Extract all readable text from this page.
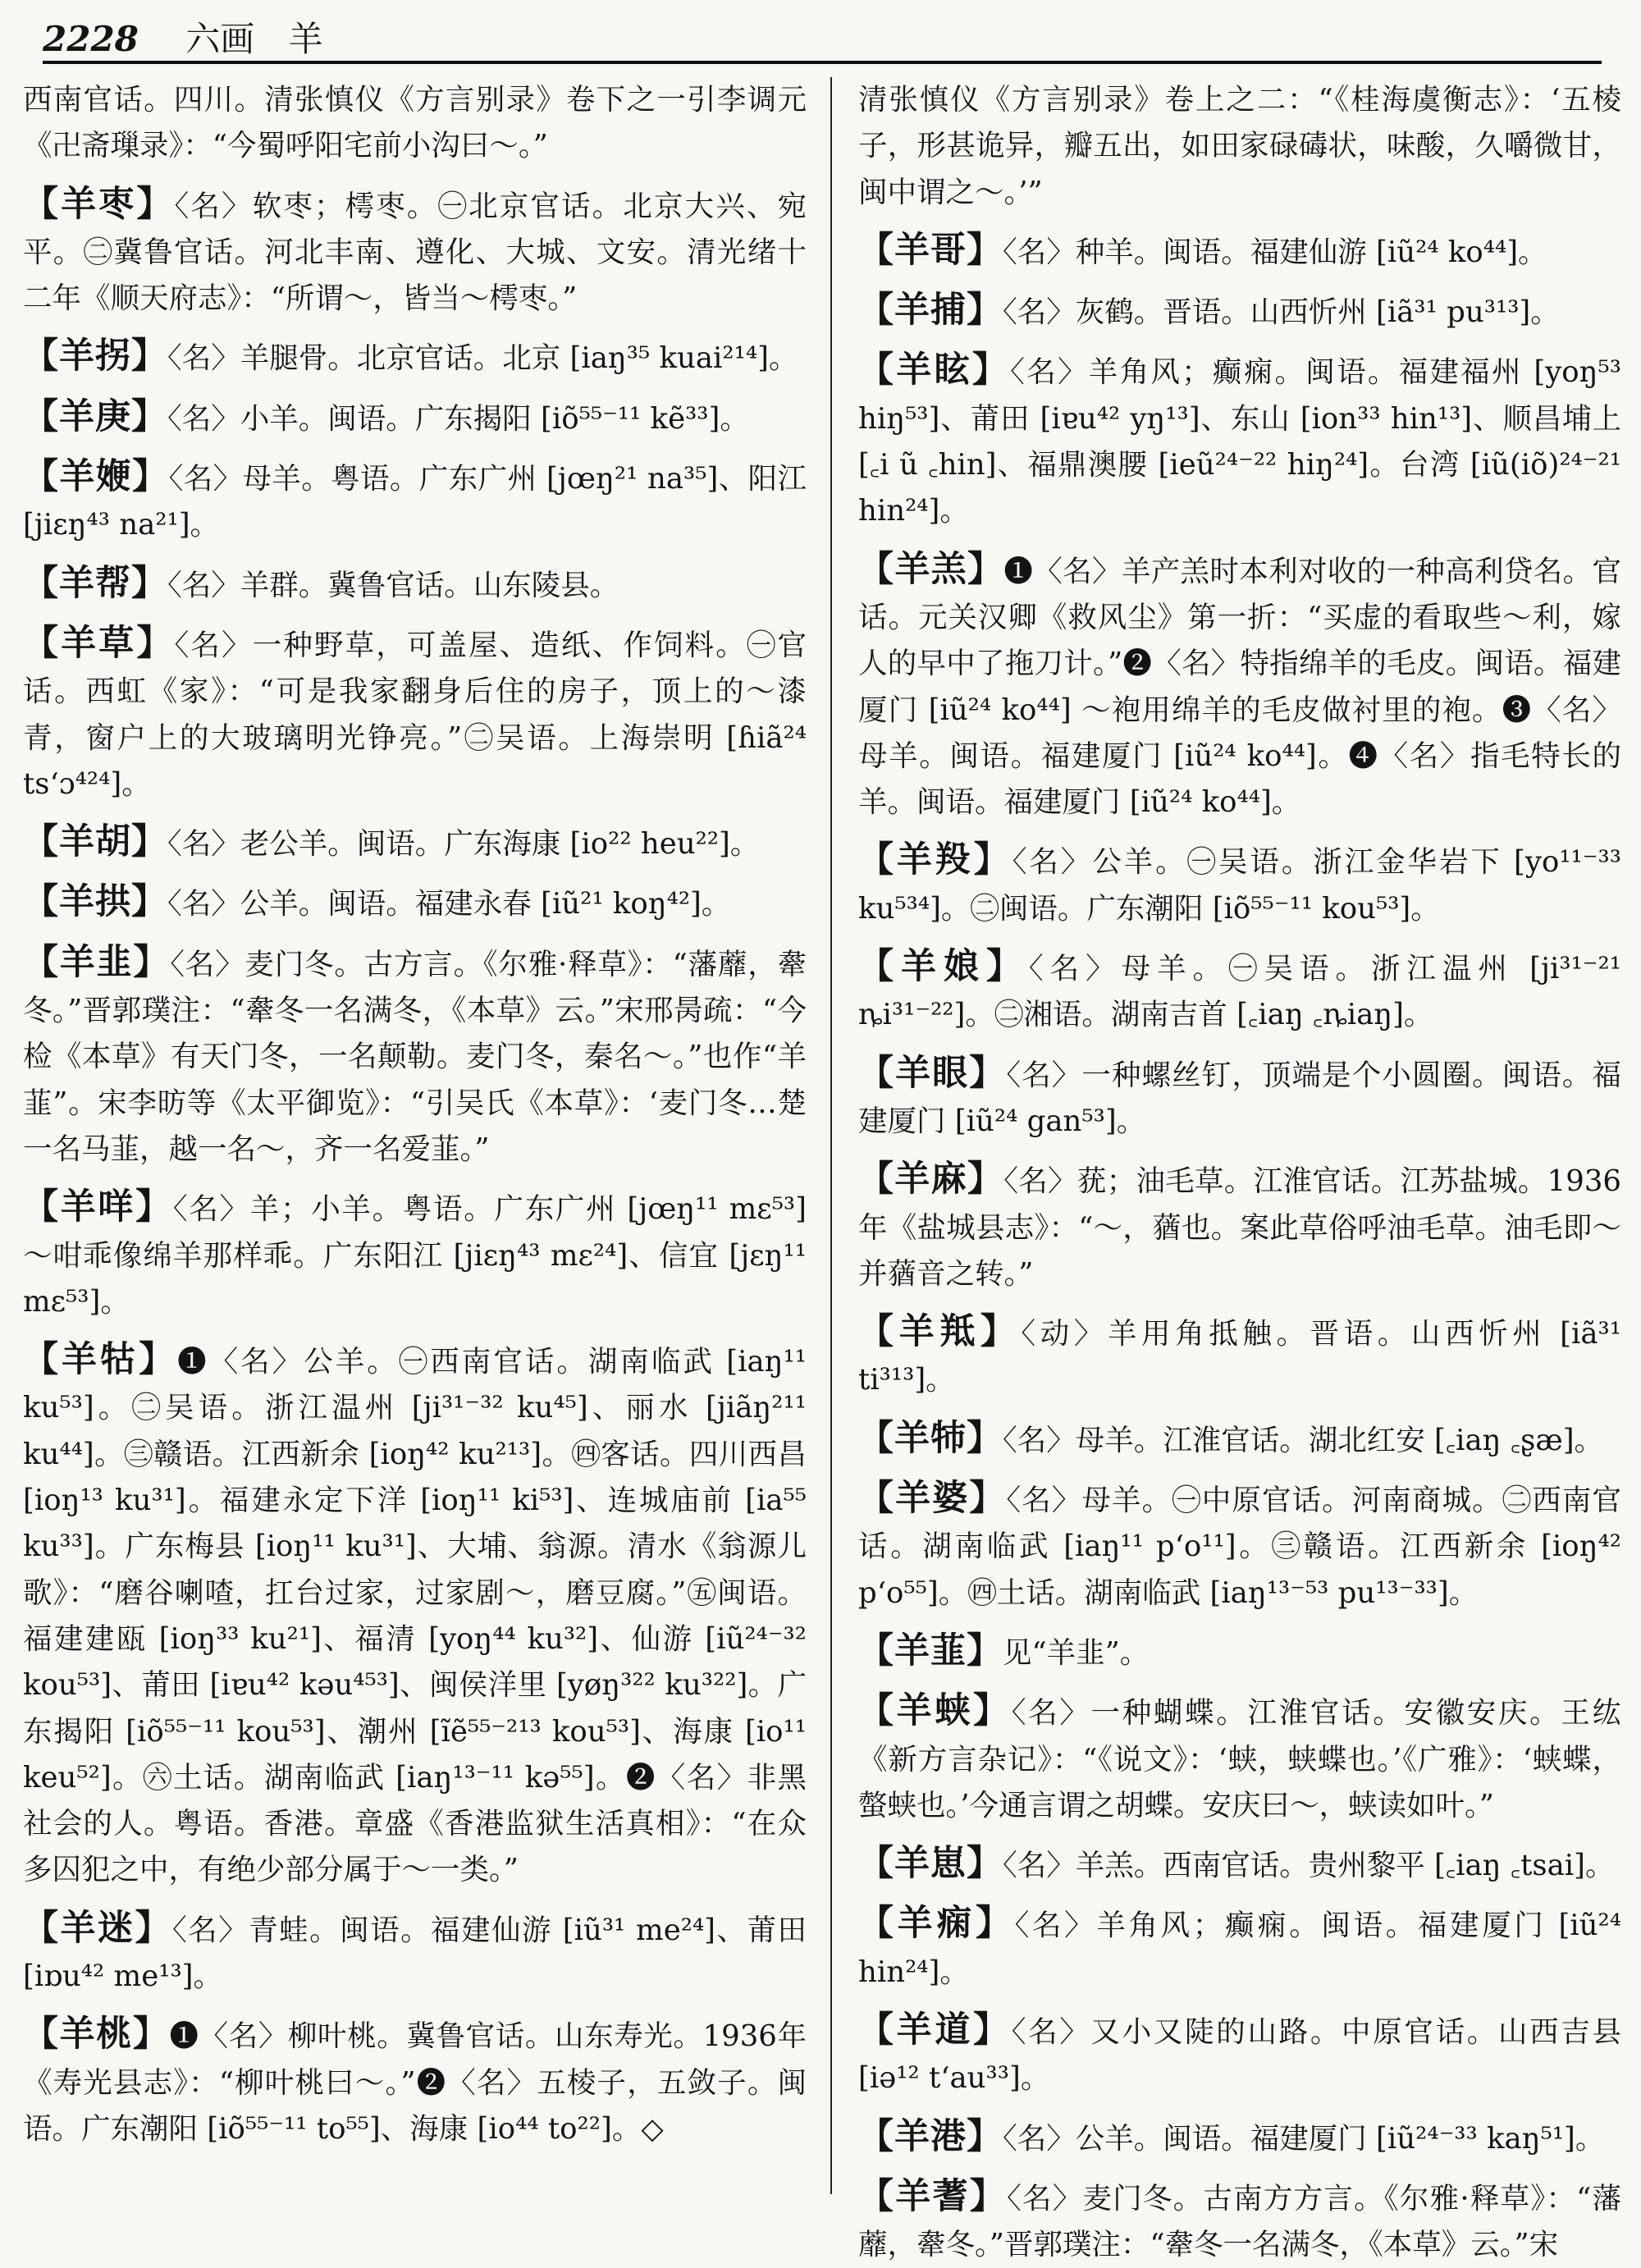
2228 六画 羊

西南官话。四川。清张慎仪《方言别录》卷下之一引李调元《卍斋璅录》：“今蜀呼阳宅前小沟曰～。”

【羊枣】〈名〉软枣；樗枣。㊀北京官话。北京大兴、宛平。㊁冀鲁官话。河北丰南、遵化、大城、文安。清光绪十二年《顺天府志》：“所谓～，皆当～樗枣。”

【羊拐】〈名〉羊腿骨。北京官话。北京 [iaŋ³⁵ kuai²¹⁴]。

【羊庚】〈名〉小羊。闽语。广东揭阳 [iõ⁵⁵⁻¹¹ kẽ³³]。

【羊㛹】〈名〉母羊。粤语。广东广州 [jœŋ²¹ na³⁵]、阳江 [jiɛŋ⁴³ na²¹]。

【羊帮】〈名〉羊群。冀鲁官话。山东陵县。

【羊草】〈名〉一种野草，可盖屋、造纸、作饲料。㊀官话。西虹《家》：“可是我家翻身后住的房子，顶上的～漆青，窗户上的大玻璃明光铮亮。”㊁吴语。上海崇明 [ɦiã²⁴ ts‘ɔ⁴²⁴]。

【羊胡】〈名〉老公羊。闽语。广东海康 [io²² heu²²]。

【羊拱】〈名〉公羊。闽语。福建永春 [iũ²¹ koŋ⁴²]。

【羊韭】〈名〉麦门冬。古方言。《尔雅·释草》：“藩蘼，舝冬。”晋郭璞注：“舝冬一名满冬，《本草》云。”宋邢昺疏：“今检《本草》有天门冬，一名颠勒。麦门冬，秦名～。”也作“羊韮”。宋李昉等《太平御览》：“引吴氏《本草》：‘麦门冬…楚一名马韮，越一名～，齐一名爱韮。”

【羊咩】〈名〉羊；小羊。粤语。广东广州 [jœŋ¹¹ mɛ⁵³] ～咁乖像绵羊那样乖。广东阳江 [jiɛŋ⁴³ mɛ²⁴]、信宜 [jɛŋ¹¹ mɛ⁵³]。

【羊牯】❶〈名〉公羊。㊀西南官话。湖南临武 [iaŋ¹¹ ku⁵³]。㊁吴语。浙江温州 [ji³¹⁻³² ku⁴⁵]、丽水 [jiãŋ²¹¹ ku⁴⁴]。㊂赣语。江西新余 [ioŋ⁴² ku²¹³]。㊃客话。四川西昌 [ioŋ¹³ ku³¹]。福建永定下洋 [ioŋ¹¹ ki⁵³]、连城庙前 [ia⁵⁵ ku³³]。广东梅县 [ioŋ¹¹ ku³¹]、大埔、翁源。清水《翁源儿歌》：“磨谷喇喳，扛台过家，过家剧～，磨豆腐。”㊄闽语。福建建瓯 [ioŋ³³ ku²¹]、福清 [yoŋ⁴⁴ ku³²]、仙游 [iũ²⁴⁻³² kou⁵³]、莆田 [iɐu⁴² kəu⁴⁵³]、闽侯洋里 [yøŋ³²² ku³²²]。广东揭阳 [iõ⁵⁵⁻¹¹ kou⁵³]、潮州 [ĩẽ⁵⁵⁻²¹³ kou⁵³]、海康 [io¹¹ keu⁵²]。㊅土话。湖南临武 [iaŋ¹³⁻¹¹ kə⁵⁵]。❷〈名〉非黑社会的人。粤语。香港。章盛《香港监狱生活真相》：“在众多囚犯之中，有绝少部分属于～一类。”

【羊迷】〈名〉青蛙。闽语。福建仙游 [iũ³¹ me²⁴]、莆田 [iɒu⁴² me¹³]。

【羊桃】❶〈名〉柳叶桃。冀鲁官话。山东寿光。1936年《寿光县志》：“柳叶桃曰～。”❷〈名〉五棱子，五敛子。闽语。广东潮阳 [iõ⁵⁵⁻¹¹ to⁵⁵]、海康 [io⁴⁴ to²²]。◇

清张慎仪《方言别录》卷上之二：“《桂海虞衡志》：‘五棱子，形甚诡异，瓣五出，如田家碌碡状，味酸，久嚼微甘，闽中谓之～。’”

【羊哥】〈名〉种羊。闽语。福建仙游 [iũ²⁴ ko⁴⁴]。

【羊捕】〈名〉灰鹤。晋语。山西忻州 [iã³¹ pu³¹³]。

【羊眩】〈名〉羊角风；癫痫。闽语。福建福州 [yoŋ⁵³ hiŋ⁵³]、莆田 [iɐu⁴² yŋ¹³]、东山 [ion³³ hin¹³]、顺昌埔上 [꜀i ũ ꜀hin]、福鼎澳腰 [ieũ²⁴⁻²² hiŋ²⁴]。台湾 [iũ(iõ)²⁴⁻²¹ hin²⁴]。

【羊羔】❶〈名〉羊产羔时本利对收的一种高利贷名。官话。元关汉卿《救风尘》第一折：“买虚的看取些～利，嫁人的早中了拖刀计。”❷〈名〉特指绵羊的毛皮。闽语。福建厦门 [iũ²⁴ ko⁴⁴] ～袍用绵羊的毛皮做衬里的袍。❸〈名〉母羊。闽语。福建厦门 [iũ²⁴ ko⁴⁴]。❹〈名〉指毛特长的羊。闽语。福建厦门 [iũ²⁴ ko⁴⁴]。

【羊羖】〈名〉公羊。㊀吴语。浙江金华岩下 [yo¹¹⁻³³ ku⁵³⁴]。㊁闽语。广东潮阳 [iõ⁵⁵⁻¹¹ kou⁵³]。

【羊娘】〈名〉母羊。㊀吴语。浙江温州 [ji³¹⁻²¹ ȵi³¹⁻²²]。㊁湘语。湖南吉首 [꜀iaŋ ꜀ȵiaŋ]。

【羊眼】〈名〉一种螺丝钉，顶端是个小圆圈。闽语。福建厦门 [iũ²⁴ gan⁵³]。

【羊麻】〈名〉莸；油毛草。江淮官话。江苏盐城。1936年《盐城县志》：“～，蕕也。案此草俗呼油毛草。油毛即～并蕕音之转。”

【羊羝】〈动〉羊用角抵触。晋语。山西忻州 [iã³¹ ti³¹³]。

【羊㸬】〈名〉母羊。江淮官话。湖北红安 [꜀iaŋ ꜀ʂæ]。

【羊婆】〈名〉母羊。㊀中原官话。河南商城。㊁西南官话。湖南临武 [iaŋ¹¹ p‘o¹¹]。㊂赣语。江西新余 [ioŋ⁴² p‘o⁵⁵]。㊃土话。湖南临武 [iaŋ¹³⁻⁵³ pu¹³⁻³³]。

【羊韮】见“羊韭”。

【羊蛱】〈名〉一种蝴蝶。江淮官话。安徽安庆。王纮《新方言杂记》：“《说文》：‘蛱，蛱蝶也。’《广雅》：‘蛱蝶，螫蛱也。’今通言谓之胡蝶。安庆曰～，蛱读如叶。”

【羊崽】〈名〉羊羔。西南官话。贵州黎平 [꜀iaŋ ꜀tsai]。

【羊痫】〈名〉羊角风；癫痫。闽语。福建厦门 [iũ²⁴ hin²⁴]。

【羊道】〈名〉又小又陡的山路。中原官话。山西吉县 [iə¹² t‘au³³]。

【羊港】〈名〉公羊。闽语。福建厦门 [iũ²⁴⁻³³ kaŋ⁵¹]。

【羊蓍】〈名〉麦门冬。古南方方言。《尔雅·释草》：“藩蘼，舝冬。”晋郭璞注：“舝冬一名满冬，《本草》云。”宋
